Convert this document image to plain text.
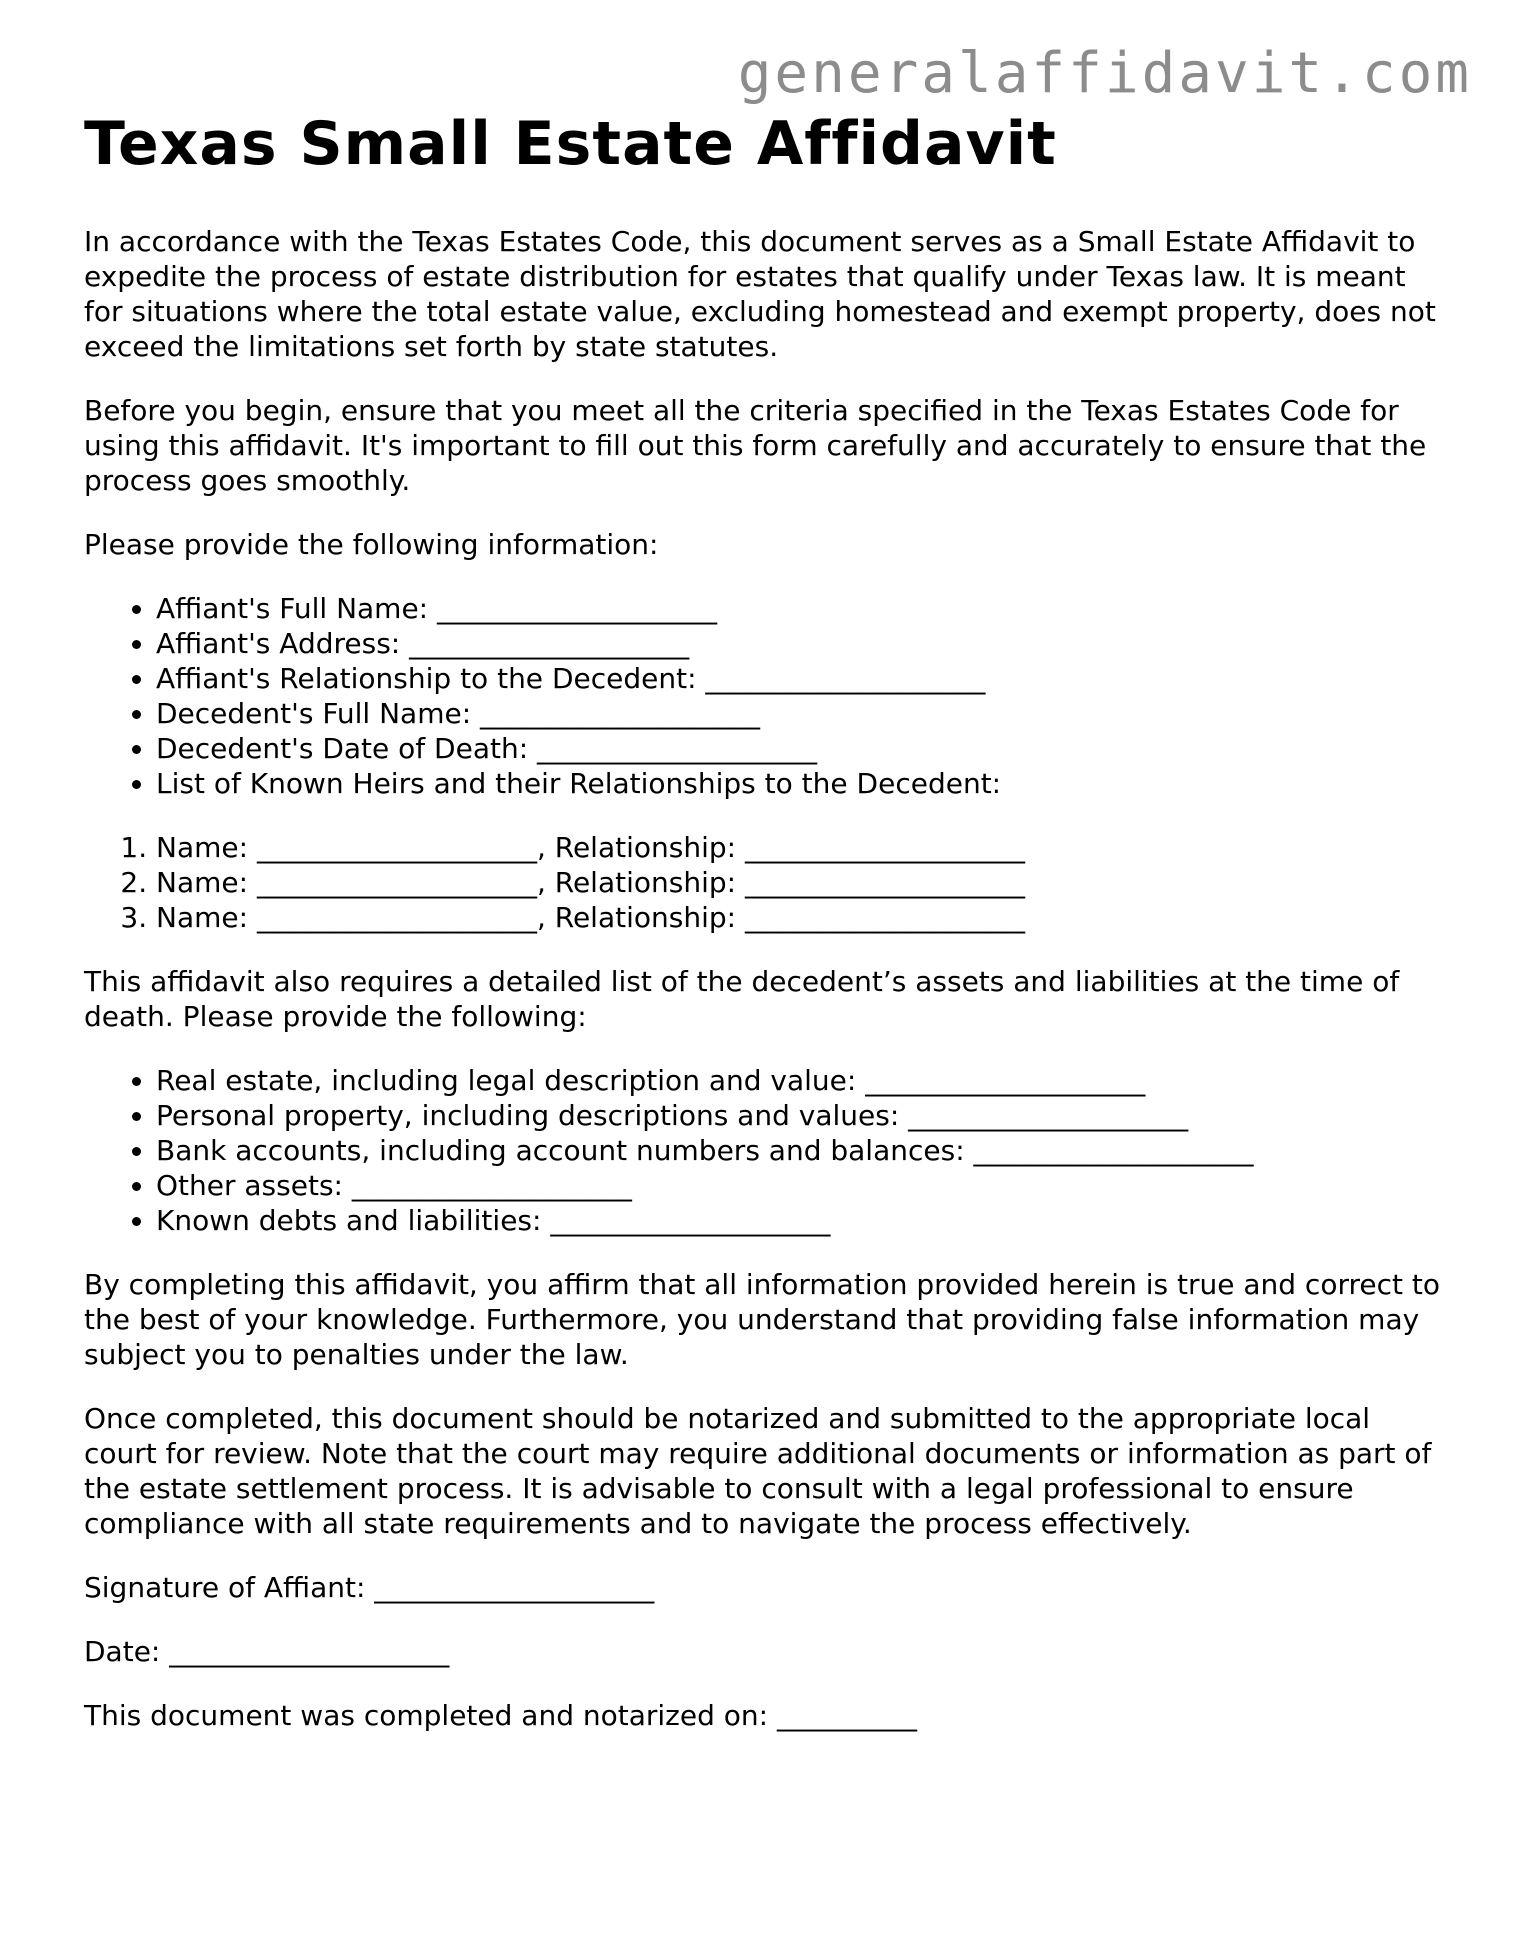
generalaffidavit.com
Texas Small Estate Affidavit

In accordance with the Texas Estates Code, this document serves as a Small Estate Affidavit to expedite the process of estate distribution for estates that qualify under Texas law. It is meant for situations where the total estate value, excluding homestead and exempt property, does not exceed the limitations set forth by state statutes.

Before you begin, ensure that you meet all the criteria specified in the Texas Estates Code for using this affidavit. It's important to fill out this form carefully and accurately to ensure that the process goes smoothly.

Please provide the following information:

• Affiant's Full Name: ____________________
• Affiant's Address: ____________________
• Affiant's Relationship to the Decedent: ____________________
• Decedent's Full Name: ____________________
• Decedent's Date of Death: ____________________
• List of Known Heirs and their Relationships to the Decedent:
1. Name: ____________________, Relationship: ____________________
2. Name: ____________________, Relationship: ____________________
3. Name: ____________________, Relationship: ____________________

This affidavit also requires a detailed list of the decedent’s assets and liabilities at the time of death. Please provide the following:

• Real estate, including legal description and value: ____________________
• Personal property, including descriptions and values: ____________________
• Bank accounts, including account numbers and balances: ____________________
• Other assets: ____________________
• Known debts and liabilities: ____________________

By completing this affidavit, you affirm that all information provided herein is true and correct to the best of your knowledge. Furthermore, you understand that providing false information may subject you to penalties under the law.

Once completed, this document should be notarized and submitted to the appropriate local court for review. Note that the court may require additional documents or information as part of the estate settlement process. It is advisable to consult with a legal professional to ensure compliance with all state requirements and to navigate the process effectively.

Signature of Affiant: ____________________

Date: ____________________

This document was completed and notarized on: __________
